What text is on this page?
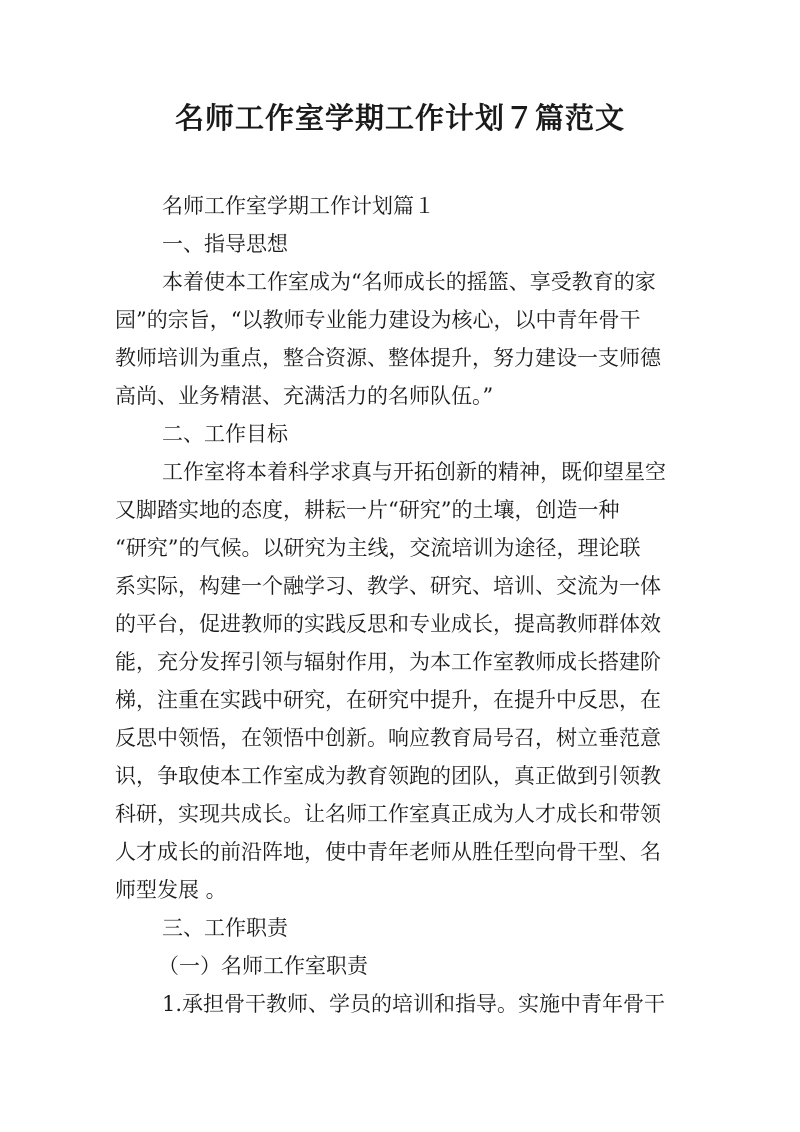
名师工作室学期工作计划７篇范文
名师工作室学期工作计划篇１
一、指导思想
本着使本工作室成为“名师成长的摇篮、享受教育的家
园”的宗旨，“以教师专业能力建设为核心，以中青年骨干
教师培训为重点，整合资源、整体提升，努力建设一支师德
高尚、业务精湛、充满活力的名师队伍。”
二、工作目标
工作室将本着科学求真与开拓创新的精神，既仰望星空
又脚踏实地的态度，耕耘一片“研究”的土壤，创造一种
“研究”的气候。以研究为主线，交流培训为途径，理论联
系实际，构建一个融学习、教学、研究、培训、交流为一体
的平台，促进教师的实践反思和专业成长，提高教师群体效
能，充分发挥引领与辐射作用，为本工作室教师成长搭建阶
梯，注重在实践中研究，在研究中提升，在提升中反思，在
反思中领悟，在领悟中创新。响应教育局号召，树立垂范意
识，争取使本工作室成为教育领跑的团队，真正做到引领教
科研，实现共成长。让名师工作室真正成为人才成长和带领
人才成长的前沿阵地，使中青年老师从胜任型向骨干型、名
师型发展 。
三、工作职责
（一）名师工作室职责
1.承担骨干教师、学员的培训和指导。实施中青年骨干
